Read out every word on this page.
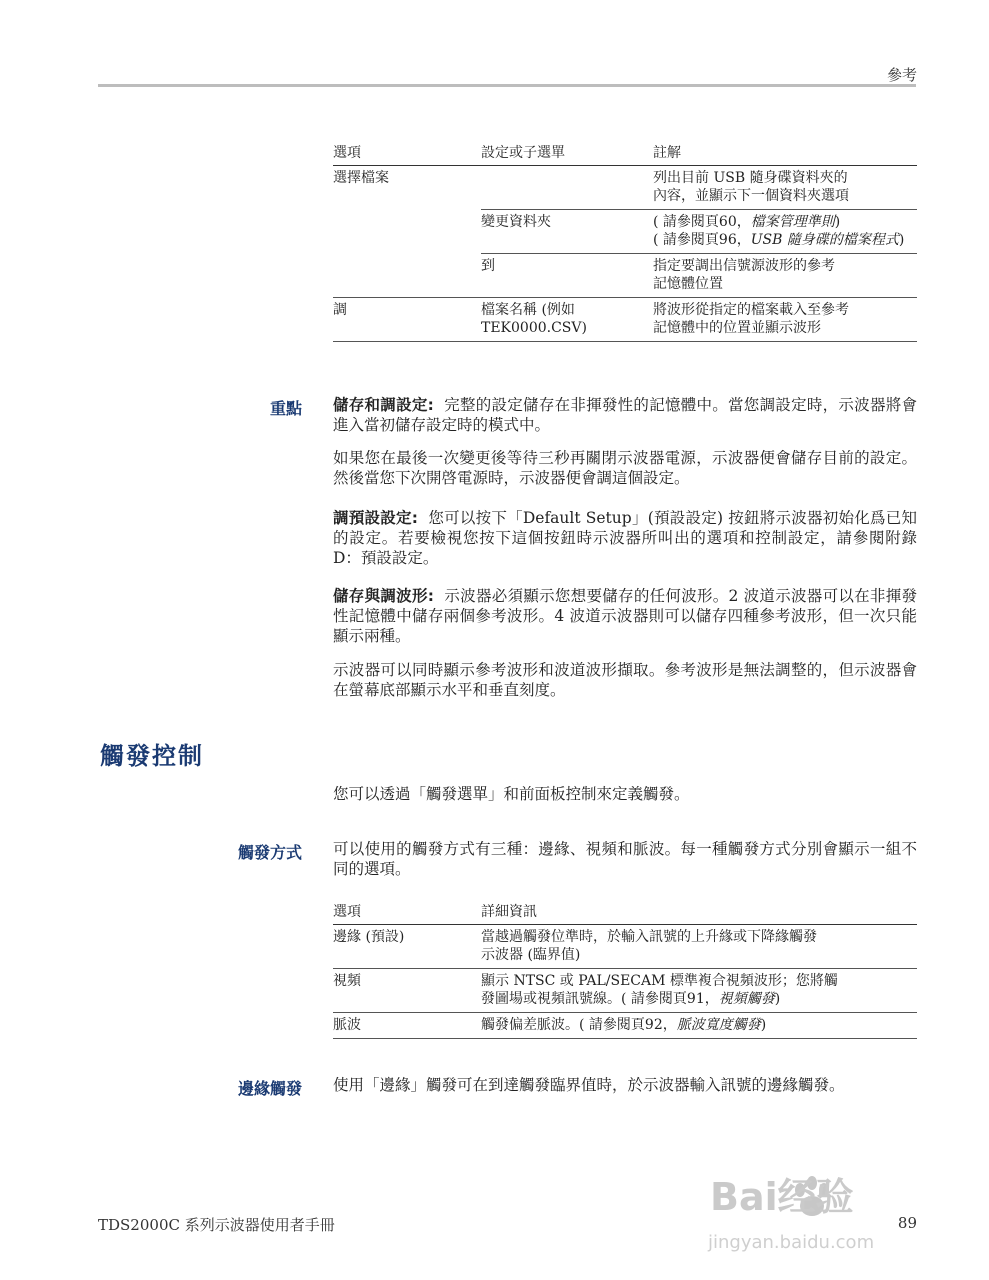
參考
選項	設定或子選單	註解
選擇檔案		列出目前 USB 隨身碟資料夾的
內容，並顯示下一個資料夾選項
	變更資料夾	( 請參閱頁60，檔案管理準則)
( 請參閱頁96，USB 隨身碟的檔案程式)
	到	指定要調出信號源波形的參考
記憶體位置
調	檔案名稱 (例如
TEK0000.CSV)	將波形從指定的檔案載入至參考
記憶體中的位置並顯示波形
重點 儲存和調設定: 完整的設定儲存在非揮發性的記憶體中。當您調設定時，示波器將會進入當初儲存設定時的模式中。
如果您在最後一次變更後等待三秒再關閉示波器電源，示波器便會儲存目前的設定。然後當您下次開啓電源時，示波器便會調這個設定。
調預設設定: 您可以按下「Default Setup」(預設設定) 按鈕將示波器初始化爲已知的設定。若要檢視您按下這個按鈕時示波器所叫出的選項和控制設定，請參閱附錄 D：預設設定。
儲存與調波形: 示波器必須顯示您想要儲存的任何波形。2 波道示波器可以在非揮發性記憶體中儲存兩個參考波形。4 波道示波器則可以儲存四種參考波形，但一次只能顯示兩種。
示波器可以同時顯示參考波形和波道波形擷取。參考波形是無法調整的，但示波器會在螢幕底部顯示水平和垂直刻度。
觸發控制
您可以透過「觸發選單」和前面板控制來定義觸發。
觸發方式 可以使用的觸發方式有三種：邊緣、視頻和脈波。每一種觸發方式分別會顯示一組不同的選項。
選項	詳細資訊
邊緣 (預設)	當越過觸發位準時，於輸入訊號的上升緣或下降緣觸發
示波器 (臨界值)
視頻	顯示 NTSC 或 PAL/SECAM 標準複合視頻波形；您將觸
發圖場或視頻訊號線。( 請參閱頁91，視頻觸發)
脈波	觸發偏差脈波。( 請參閱頁92，脈波寬度觸發)
邊緣觸發 使用「邊緣」觸發可在到達觸發臨界值時，於示波器輸入訊號的邊緣觸發。
TDS2000C 系列示波器使用者手冊	89
Bai经验
jingyan.baidu.com
